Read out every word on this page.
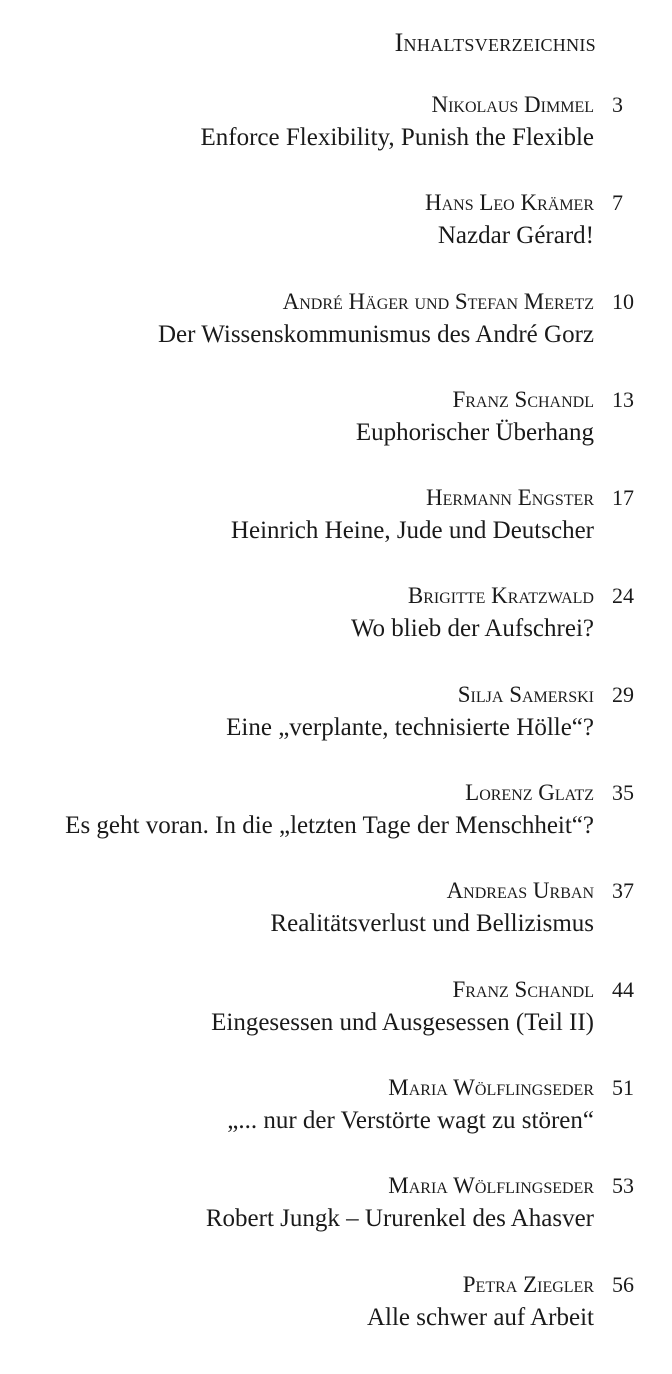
Inhaltsverzeichnis
Nikolaus Dimmel 3
Enforce Flexibility, Punish the Flexible
Hans Leo Krämer 7
Nazdar Gérard!
André Häger und Stefan Meretz 10
Der Wissenskommunismus des André Gorz
Franz Schandl 13
Euphorischer Überhang
Hermann Engster 17
Heinrich Heine, Jude und Deutscher
Brigitte Kratzwald 24
Wo blieb der Aufschrei?
Silja Samerski 29
Eine „verplante, technisierte Hölle“?
Lorenz Glatz 35
Es geht voran. In die „letzten Tage der Menschheit“?
Andreas Urban 37
Realitätsverlust und Bellizismus
Franz Schandl 44
Eingesessen und Ausgesessen (Teil II)
Maria Wölflingseder 51
„... nur der Verstörte wagt zu stören“
Maria Wölflingseder 53
Robert Jungk – Ururenkel des Ahasver
Petra Ziegler 56
Alle schwer auf Arbeit
